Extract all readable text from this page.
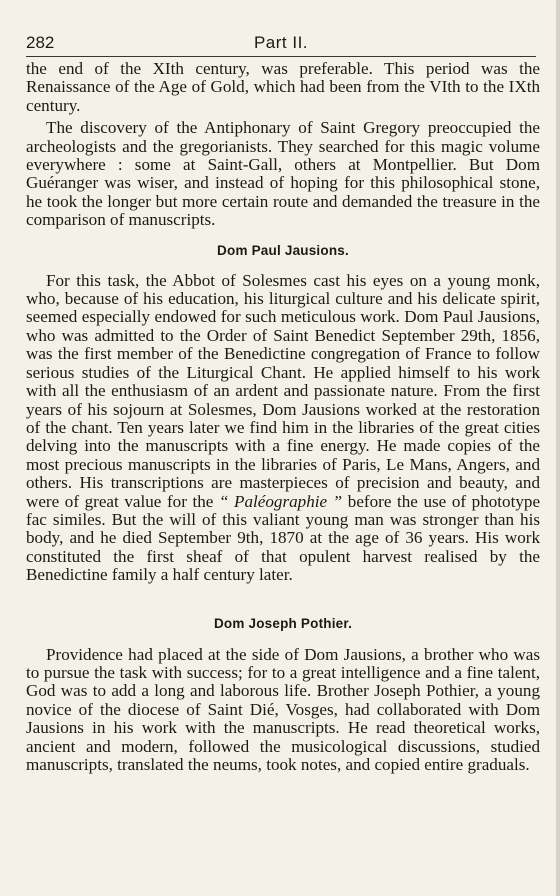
282	Part II.

the end of the XIth century, was preferable. This period was the Renaissance of the Age of Gold, which had been from the VIth to the IXth century.

The discovery of the Antiphonary of Saint Gregory preoccupied the archeologists and the gregorianists. They searched for this magic volume everywhere : some at Saint-Gall, others at Montpellier. But Dom Guéranger was wiser, and instead of hoping for this philosophical stone, he took the longer but more certain route and demanded the treasure in the comparison of manuscripts.

Dom Paul Jausions.

For this task, the Abbot of Solesmes cast his eyes on a young monk, who, because of his education, his liturgical culture and his delicate spirit, seemed especially endowed for such meticulous work. Dom Paul Jausions, who was admitted to the Order of Saint Benedict September 29th, 1856, was the first member of the Benedictine congregation of France to follow serious studies of the Liturgical Chant. He applied himself to his work with all the enthusiasm of an ardent and passionate nature. From the first years of his sojourn at Solesmes, Dom Jausions worked at the restoration of the chant. Ten years later we find him in the libraries of the great cities delving into the manuscripts with a fine energy. He made copies of the most precious manuscripts in the libraries of Paris, Le Mans, Angers, and others. His transcriptions are masterpieces of precision and beauty, and were of great value for the “ Paléographie ” before the use of phototype fac similes. But the will of this valiant young man was stronger than his body, and he died September 9th, 1870 at the age of 36 years. His work constituted the first sheaf of that opulent harvest realised by the Benedictine family a half century later.

Dom Joseph Pothier.

Providence had placed at the side of Dom Jausions, a brother who was to pursue the task with success; for to a great intelligence and a fine talent, God was to add a long and laborous life. Brother Joseph Pothier, a young novice of the diocese of Saint Dié, Vosges, had collaborated with Dom Jausions in his work with the manuscripts. He read theoretical works, ancient and modern, followed the musicological discussions, studied manuscripts, translated the neums, took notes, and copied entire graduals.
